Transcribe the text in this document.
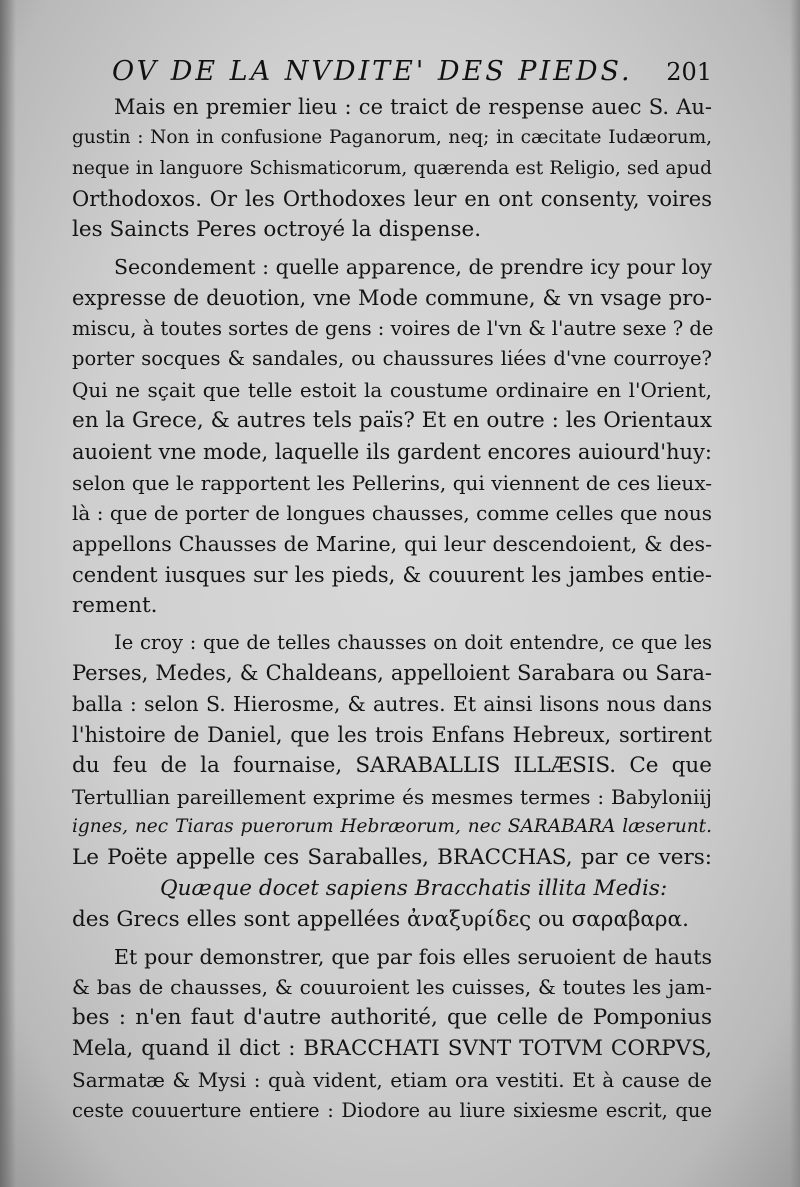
OV DE LA NVDITE' DES PIEDS. 201
Mais en premier lieu : ce traict de respense auec S. Au-
gustin : Non in confusione Paganorum, neq; in cæcitate Iudæorum,
neque in languore Schismaticorum, quærenda est Religio, sed apud
Orthodoxos. Or les Orthodoxes leur en ont consenty, voires
les Saincts Peres octroyé la dispense.
Secondement : quelle apparence, de prendre icy pour loy
expresse de deuotion, vne Mode commune, & vn vsage pro-
miscu, à toutes sortes de gens : voires de l'vn & l'autre sexe ? de
porter socques & sandales, ou chaussures liées d'vne courroye?
Qui ne sçait que telle estoit la coustume ordinaire en l'Orient,
en la Grece, & autres tels païs? Et en outre : les Orientaux
auoient vne mode, laquelle ils gardent encores auiourd'huy:
selon que le rapportent les Pellerins, qui viennent de ces lieux-
là : que de porter de longues chausses, comme celles que nous
appellons Chausses de Marine, qui leur descendoient, & des-
cendent iusques sur les pieds, & couurent les jambes entie-
rement.
Ie croy : que de telles chausses on doit entendre, ce que les
Perses, Medes, & Chaldeans, appelloient Sarabara ou Sara-
balla : selon S. Hierosme, & autres. Et ainsi lisons nous dans
l'histoire de Daniel, que les trois Enfans Hebreux, sortirent
du feu de la fournaise, SARABALLIS ILLÆSIS. Ce que
Tertullian pareillement exprime és mesmes termes : Babyloniij
ignes, nec Tiaras puerorum Hebræorum, nec SARABARA læserunt.
Le Poëte appelle ces Saraballes, BRACCHAS, par ce vers:
Quæque docet sapiens Bracchatis illita Medis:
des Grecs elles sont appellées ἀναξυρίδες ou σαραβαρα.
Et pour demonstrer, que par fois elles seruoient de hauts
& bas de chausses, & couuroient les cuisses, & toutes les jam-
bes : n'en faut d'autre authorité, que celle de Pomponius
Mela, quand il dict : BRACCHATI SVNT TOTVM CORPVS,
Sarmatæ & Mysi : quà vident, etiam ora vestiti. Et à cause de
ceste couuerture entiere : Diodore au liure sixiesme escrit, que
